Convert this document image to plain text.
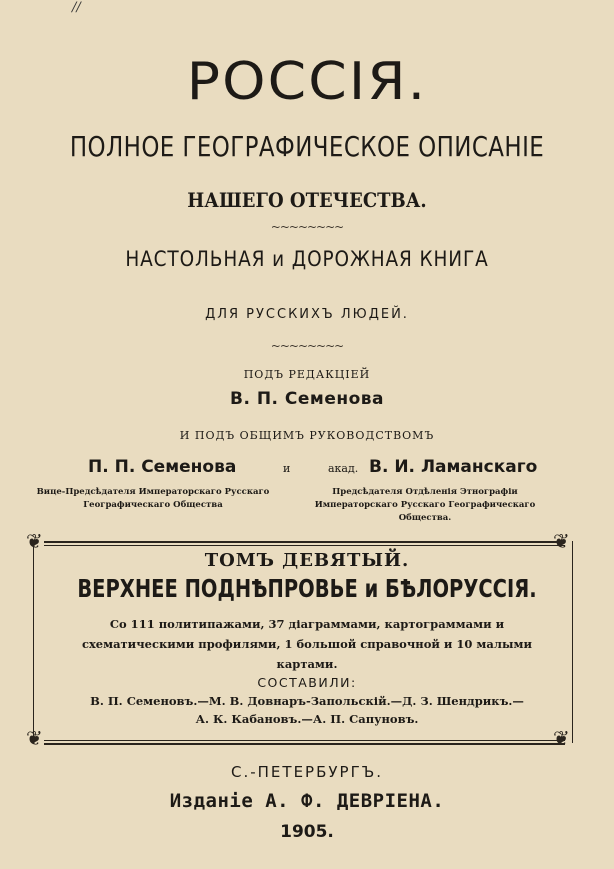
//
РОССІЯ.
ПОЛНОЕ ГЕОГРАФИЧЕСКОЕ ОПИСАНІЕ
НАШЕГО ОТЕЧЕСТВА.
~~~~~~~~
НАСТОЛЬНАЯ и ДОРОЖНАЯ КНИГА
ДЛЯ РУССКИХЪ ЛЮДЕЙ.
~~~~~~~~
ПОДЪ РЕДАКЦІЕЙ
В. П. Семенова
И ПОДЪ ОБЩИМЪ РУКОВОДСТВОМЪ
П. П. Семенова	и	акад. В. И. Ламанскаго
Вице-Предсѣдателя Императорскаго Русскаго Географическаго Общества
Предсѣдателя Отдѣленія Этнографіи Императорскаго Русскаго Географическаго Общества.
❦	❦
❦	❦
ТОМЪ ДЕВЯТЫЙ.
ВЕРХНЕЕ ПОДНѢПРОВЬЕ и БѢЛОРУССІЯ.
Со 111 политипажами, 37 діаграммами, картограммами и схематическими профилями, 1 большой справочной и 10 малыми картами.
СОСТАВИЛИ:
В. П. Семеновъ.—М. В. Довнаръ-Запольскій.—Д. З. Шендрикъ.—
А. К. Кабановъ.—А. П. Сапуновъ.
С.-ПЕТЕРБУРГЪ.
Изданіе А. Ф. ДЕВРІЕНА.
1905.
